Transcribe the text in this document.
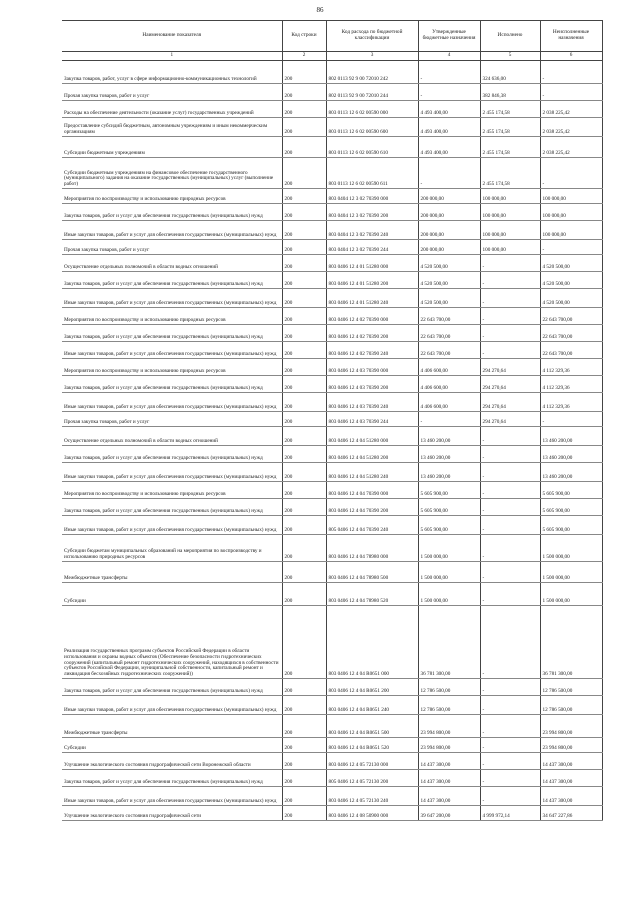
86
Наименование показателя	Код строки	Код расхода по бюджетной классификации	Утвержденные бюджетные назначения	Исполнено	Неисполненные назначения
1	2	3	4	5	6
Закупка товаров, работ, услуг в сфере информационно-коммуникационных технологий	200	802 0113 92 9 00 72010 242	-	324 636,00	-
Прочая закупка товаров, работ и услуг	200	802 0113 92 9 00 72010 244	-	382 846,38	-
Расходы на обеспечение деятельности (оказание услуг) государственных учреждений	200	803 0113 12 6 02 00590 000	4 493 400,00	2 455 174,58	2 038 225,42
Предоставление субсидий бюджетным, автономным учреждениям и иным некоммерческим организациям	200	803 0113 12 6 02 00590 600	4 493 400,00	2 455 174,58	2 038 225,42
Субсидии бюджетным учреждениям	200	803 0113 12 6 02 00590 610	4 493 400,00	2 455 174,58	2 038 225,42
Субсидии бюджетным учреждениям на финансовое обеспечение государственного (муниципального) задания на оказание государственных (муниципальных) услуг (выполнение работ)	200	803 0113 12 6 02 00590 611	-	2 455 174,58	-
Мероприятия по воспроизводству и использованию природных ресурсов	200	803 0404 12 3 02 70390 000	200 000,00	100 000,00	100 000,00
Закупка товаров, работ и услуг для обеспечения государственных (муниципальных) нужд	200	803 0404 12 3 02 70390 200	200 000,00	100 000,00	100 000,00
Иные закупки товаров, работ и услуг для обеспечения государственных (муниципальных) нужд	200	803 0404 12 3 02 70390 240	200 000,00	100 000,00	100 000,00
Прочая закупка товаров, работ и услуг	200	803 0404 12 3 02 70390 244	200 000,00	100 000,00	-
Осуществление отдельных полномочий в области водных отношений	200	803 0406 12 4 01 51280 000	4 520 500,00	-	4 520 500,00
Закупка товаров, работ и услуг для обеспечения государственных (муниципальных) нужд	200	803 0406 12 4 01 51280 200	4 520 500,00	-	4 520 500,00
Иные закупки товаров, работ и услуг для обеспечения государственных (муниципальных) нужд	200	803 0406 12 4 01 51280 240	4 520 500,00	-	4 520 500,00
Мероприятия по воспроизводству и использованию природных ресурсов	200	803 0406 12 4 02 70390 000	22 643 700,00	-	22 643 700,00
Закупка товаров, работ и услуг для обеспечения государственных (муниципальных) нужд	200	803 0406 12 4 02 70390 200	22 643 700,00	-	22 643 700,00
Иные закупки товаров, работ и услуг для обеспечения государственных (муниципальных) нужд	200	803 0406 12 4 02 70390 240	22 643 700,00	-	22 643 700,00
Мероприятия по воспроизводству и использованию природных ресурсов	200	803 0406 12 4 03 70390 000	4 406 600,00	294 270,64	4 112 329,36
Закупка товаров, работ и услуг для обеспечения государственных (муниципальных) нужд	200	803 0406 12 4 03 70390 200	4 406 600,00	294 270,64	4 112 329,36
Иные закупки товаров, работ и услуг для обеспечения государственных (муниципальных) нужд	200	803 0406 12 4 03 70390 240	4 406 600,00	294 270,64	4 112 329,36
Прочая закупка товаров, работ и услуг	200	803 0406 12 4 03 70390 244	-	294 270,64	-
Осуществление отдельных полномочий в области водных отношений	200	803 0406 12 4 04 51280 000	13 460 200,00	-	13 460 200,00
Закупка товаров, работ и услуг для обеспечения государственных (муниципальных) нужд	200	803 0406 12 4 04 51280 200	13 460 200,00	-	13 460 200,00
Иные закупки товаров, работ и услуг для обеспечения государственных (муниципальных) нужд	200	803 0406 12 4 04 51280 240	13 460 200,00	-	13 460 200,00
Мероприятия по воспроизводству и использованию природных ресурсов	200	803 0406 12 4 04 70390 000	5 605 900,00	-	5 605 900,00
Закупка товаров, работ и услуг для обеспечения государственных (муниципальных) нужд	200	803 0406 12 4 04 70390 200	5 605 900,00	-	5 605 900,00
Иные закупки товаров, работ и услуг для обеспечения государственных (муниципальных) нужд	200	805 0406 12 4 04 70390 240	5 605 900,00	-	5 605 900,00
Субсидии бюджетам муниципальных образований на мероприятия по воспроизводству и использованию природных ресурсов	200	803 0406 12 4 04 78980 000	1 500 000,00	-	1 500 000,00
Межбюджетные трансферты	200	803 0406 12 4 04 78980 500	1 500 000,00	-	1 500 000,00
Субсидии	200	803 0406 12 4 04 78980 520	1 500 000,00	-	1 500 000,00
Реализация государственных программ субъектов Российской Федерации в области использования и охраны водных объектов (Обеспечение безопасности гидротехнических сооружений (капитальный ремонт гидротехнических сооружений, находящихся в собственности субъектов Российской Федерации, муниципальной собственности, капитальный ремонт и ликвидация бесхозяйных гидротехнических сооружений))	200	803 0406 12 4 04 R0651 000	36 781 300,00	-	36 781 300,00
Закупка товаров, работ и услуг для обеспечения государственных (муниципальных) нужд	200	803 0406 12 4 04 R0651 200	12 786 500,00	-	12 786 500,00
Иные закупки товаров, работ и услуг для обеспечения государственных (муниципальных) нужд	200	803 0406 12 4 04 R0651 240	12 786 500,00	-	12 786 500,00
Межбюджетные трансферты	200	803 0406 12 4 04 R0651 500	23 994 800,00	-	23 994 800,00
Субсидии	200	803 0406 12 4 04 R0651 520	23 994 800,00	-	23 994 800,00
Улучшение экологического состояния гидрографической сети Воронежской области	200	803 0406 12 4 05 72130 000	14 437 300,00	-	14 437 300,00
Закупка товаров, работ и услуг для обеспечения государственных (муниципальных) нужд	200	805 0406 12 4 05 72130 200	14 437 300,00	-	14 437 300,00
Иные закупки товаров, работ и услуг для обеспечения государственных (муниципальных) нужд	200	803 0406 12 4 05 72130 240	14 437 300,00	-	14 437 300,00
Улучшение экологического состояния гидрографической сети	200	803 0406 12 4 08 50900 000	39 647 200,00	4 999 972,14	34 647 227,86
